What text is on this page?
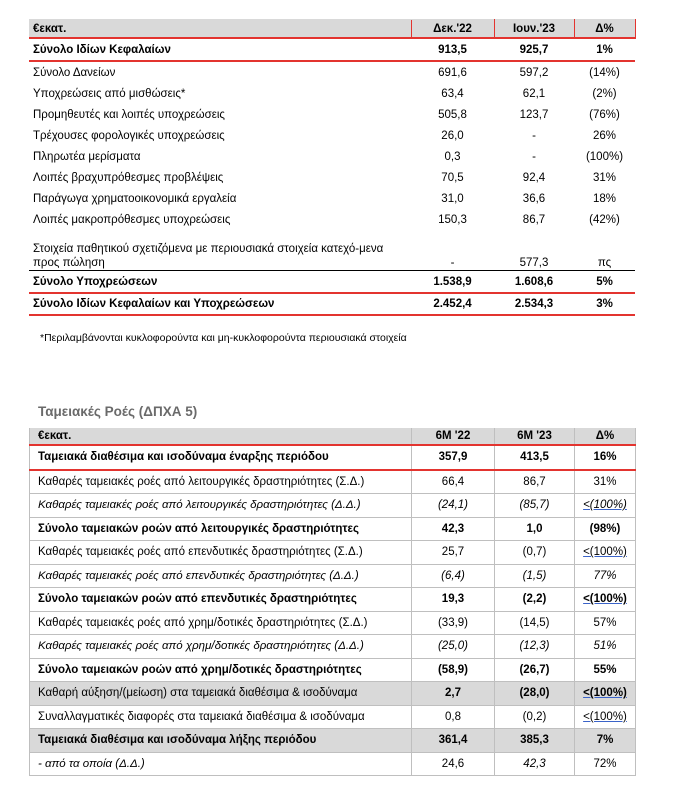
€εκατ.	Δεκ.'22	Ιουν.'23	Δ%
Σύνολο Ιδίων Κεφαλαίων	913,5	925,7	1%
Σύνολο Δανείων	691,6	597,2	(14%)
Υποχρεώσεις από μισθώσεις*	63,4	62,1	(2%)
Προμηθευτές και λοιπές υποχρεώσεις	505,8	123,7	(76%)
Τρέχουσες φορολογικές υποχρεώσεις	26,0	-	26%
Πληρωτέα μερίσματα	0,3	-	(100%)
Λοιπές βραχυπρόθεσμες προβλέψεις	70,5	92,4	31%
Παράγωγα χρηματοοικονομικά εργαλεία	31,0	36,6	18%
Λοιπές μακροπρόθεσμες υποχρεώσεις	150,3	86,7	(42%)
Στοιχεία παθητικού σχετιζόμενα με περιουσιακά στοιχεία κατεχό-μενα προς πώληση	-	577,3	πς
Σύνολο Υποχρεώσεων	1.538,9	1.608,6	5%
Σύνολο Ιδίων Κεφαλαίων και Υποχρεώσεων	2.452,4	2.534,3	3%
*Περιλαμβάνονται κυκλοφορούντα και μη-κυκλοφορούντα περιουσιακά στοιχεία
Ταμειακές Ροές (ΔΠΧΑ 5)
€εκατ.	6M '22	6M '23	Δ%
Ταμειακά διαθέσιμα και ισοδύναμα έναρξης περιόδου	357,9	413,5	16%
Καθαρές ταμειακές ροές από λειτουργικές δραστηριότητες (Σ.Δ.)	66,4	86,7	31%
Καθαρές ταμειακές ροές από λειτουργικές δραστηριότητες (Δ.Δ.)	(24,1)	(85,7)	<(100%)
Σύνολο ταμειακών ροών από λειτουργικές δραστηριότητες	42,3	1,0	(98%)
Καθαρές ταμειακές ροές από επενδυτικές δραστηριότητες (Σ.Δ.)	25,7	(0,7)	<(100%)
Καθαρές ταμειακές ροές από επενδυτικές δραστηριότητες (Δ.Δ.)	(6,4)	(1,5)	77%
Σύνολο ταμειακών ροών από επενδυτικές δραστηριότητες	19,3	(2,2)	<(100%)
Καθαρές ταμειακές ροές από χρημ/δοτικές δραστηριότητες (Σ.Δ.)	(33,9)	(14,5)	57%
Καθαρές ταμειακές ροές από χρημ/δοτικές δραστηριότητες (Δ.Δ.)	(25,0)	(12,3)	51%
Σύνολο ταμειακών ροών από χρημ/δοτικές δραστηριότητες	(58,9)	(26,7)	55%
Καθαρή αύξηση/(μείωση) στα ταμειακά διαθέσιμα & ισοδύναμα	2,7	(28,0)	<(100%)
Συναλλαγματικές διαφορές στα ταμειακά διαθέσιμα & ισοδύναμα	0,8	(0,2)	<(100%)
Ταμειακά διαθέσιμα και ισοδύναμα λήξης περιόδου	361,4	385,3	7%
- από τα οποία (Δ.Δ.)	24,6	42,3	72%
